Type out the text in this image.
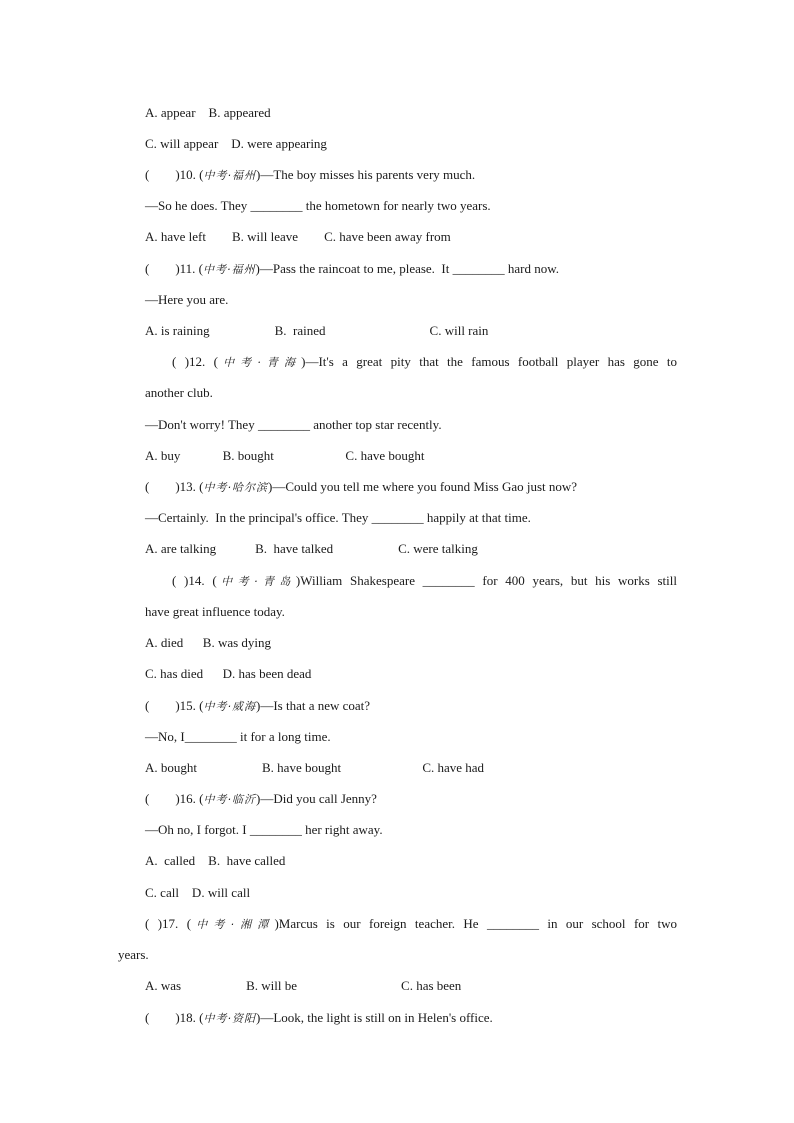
A. appear    B. appeared
C. will appear    D. were appearing
(        )10. (中考·福州)—The boy misses his parents very much.
—So he does. They ________ the hometown for nearly two years.
A. have left        B. will leave        C. have been away from
(        )11. (中考·福州)—Pass the raincoat to me, please.  It ________ hard now.
—Here you are.
A. is raining                    B.  rained                                C. will rain
( )12. (中考·青海)—It's a great pity that the famous football player has gone to
another club.
—Don't worry! They ________ another top star recently.
A. buy             B. bought                      C. have bought
(        )13. (中考·哈尔滨)—Could you tell me where you found Miss Gao just now?
—Certainly.  In the principal's office. They ________ happily at that time.
A. are talking            B.  have talked                    C. were talking
( )14. (中考·青岛)William Shakespeare ________ for 400 years, but his works still
have great influence today.
A. died      B. was dying
C. has died      D. has been dead
(        )15. (中考·威海)—Is that a new coat?
—No, I________ it for a long time.
A. bought                    B. have bought                         C. have had
(        )16. (中考·临沂)—Did you call Jenny?
—Oh no, I forgot. I ________ her right away.
A.  called    B.  have called
C. call    D. will call
( )17. (中考·湘潭)Marcus is our foreign teacher. He ________ in our school for two
years.
A. was                    B. will be                                C. has been
(        )18. (中考·资阳)—Look, the light is still on in Helen's office.
